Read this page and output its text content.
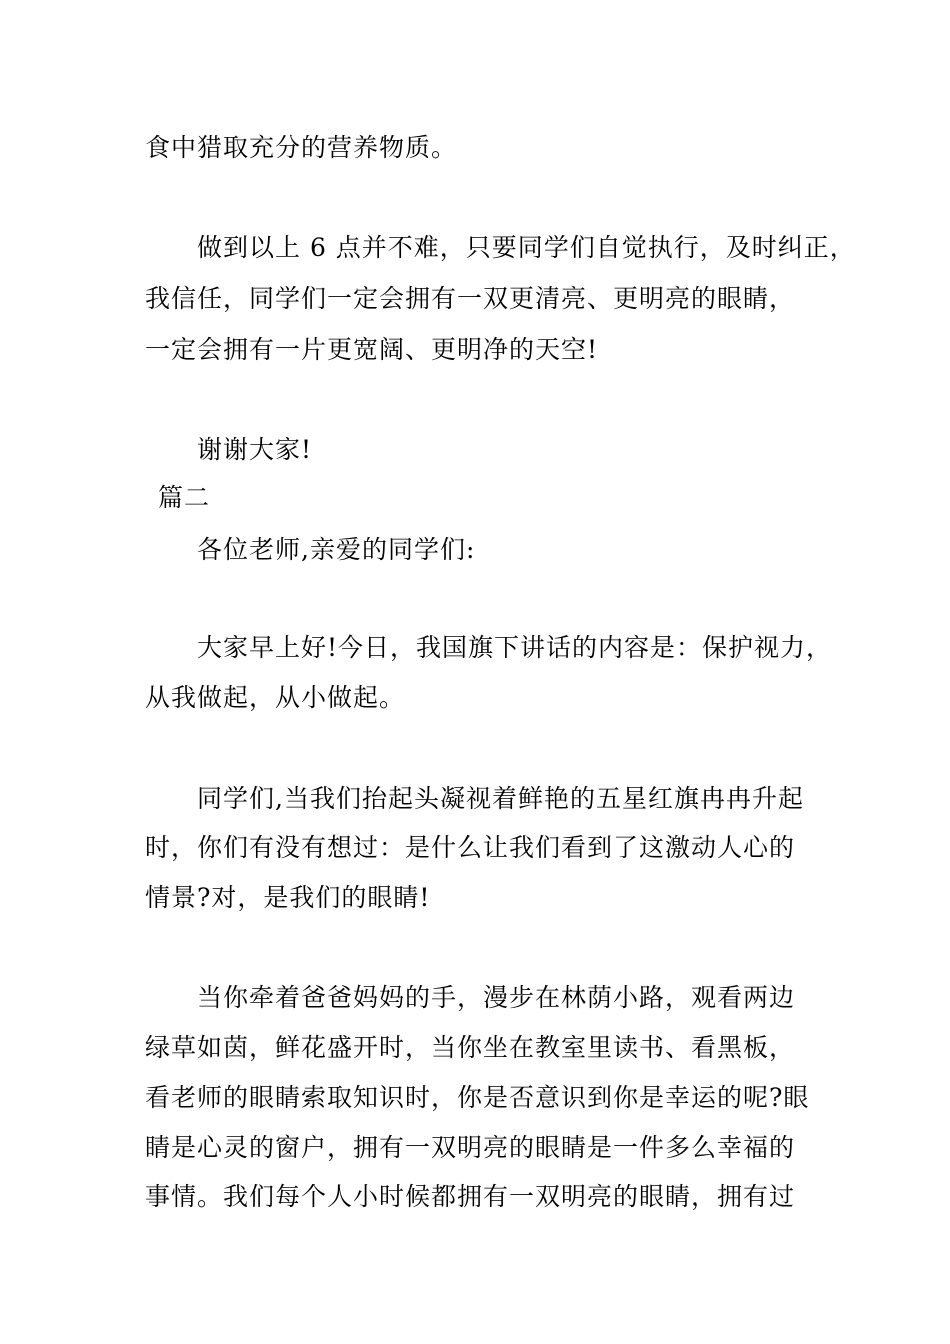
食中猎取充分的营养物质。
做到以上 6 点并不难，只要同学们自觉执行，及时纠正，
我信任，同学们一定会拥有一双更清亮、更明亮的眼睛，
一定会拥有一片更宽阔、更明净的天空!
谢谢大家!
篇二
各位老师,亲爱的同学们:
大家早上好!今日，我国旗下讲话的内容是：保护视力，
从我做起，从小做起。
同学们,当我们抬起头凝视着鲜艳的五星红旗冉冉升起
时，你们有没有想过：是什么让我们看到了这激动人心的
情景?对，是我们的眼睛!
当你牵着爸爸妈妈的手，漫步在林荫小路，观看两边
绿草如茵，鲜花盛开时，当你坐在教室里读书、看黑板，
看老师的眼睛索取知识时，你是否意识到你是幸运的呢?眼
睛是心灵的窗户，拥有一双明亮的眼睛是一件多么幸福的
事情。我们每个人小时候都拥有一双明亮的眼睛，拥有过
